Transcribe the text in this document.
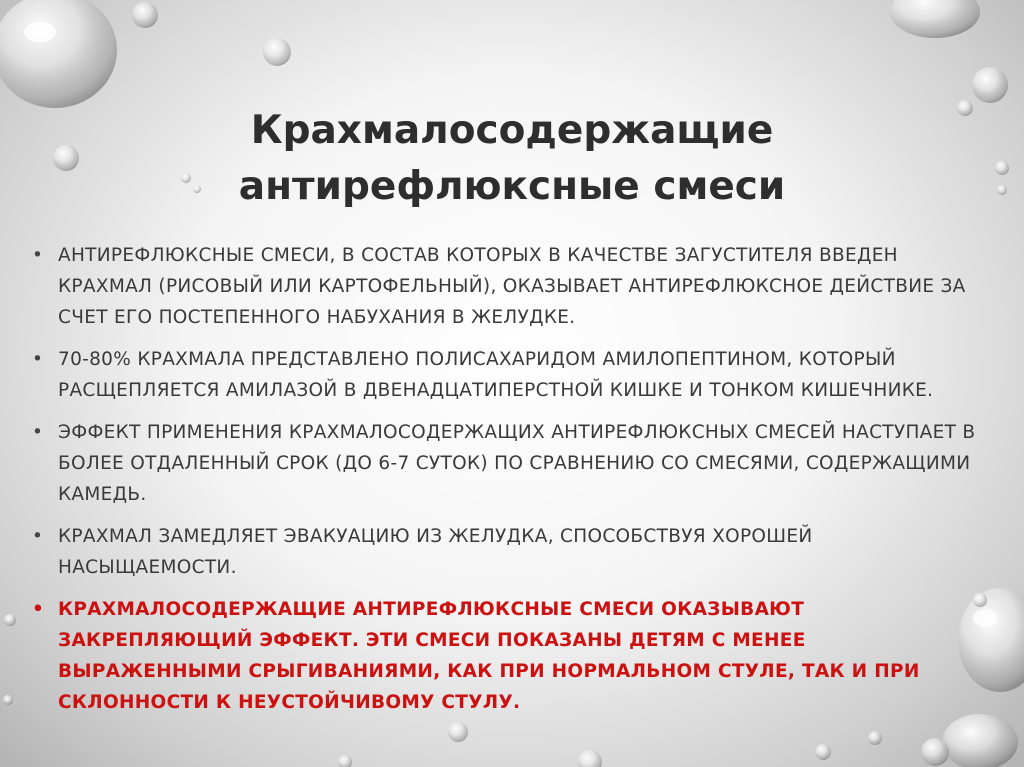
Крахмалосодержащие
антирефлюксные смеси
• АНТИРЕФЛЮКСНЫЕ СМЕСИ, В СОСТАВ КОТОРЫХ В КАЧЕСТВЕ ЗАГУСТИТЕЛЯ ВВЕДЕН КРАХМАЛ (РИСОВЫЙ ИЛИ КАРТОФЕЛЬНЫЙ), ОКАЗЫВАЕТ АНТИРЕФЛЮКСНОЕ ДЕЙСТВИЕ ЗА СЧЕТ ЕГО ПОСТЕПЕННОГО НАБУХАНИЯ В ЖЕЛУДКЕ.
• 70-80% КРАХМАЛА ПРЕДСТАВЛЕНО ПОЛИСАХАРИДОМ АМИЛОПЕПТИНОМ, КОТОРЫЙ РАСЩЕПЛЯЕТСЯ АМИЛАЗОЙ В ДВЕНАДЦАТИПЕРСТНОЙ КИШКЕ И ТОНКОМ КИШЕЧНИКЕ.
• ЭФФЕКТ ПРИМЕНЕНИЯ КРАХМАЛОСОДЕРЖАЩИХ АНТИРЕФЛЮКСНЫХ СМЕСЕЙ НАСТУПАЕТ В БОЛЕЕ ОТДАЛЕННЫЙ СРОК (ДО 6-7 СУТОК) ПО СРАВНЕНИЮ СО СМЕСЯМИ, СОДЕРЖАЩИМИ КАМЕДЬ.
• КРАХМАЛ ЗАМЕДЛЯЕТ ЭВАКУАЦИЮ ИЗ ЖЕЛУДКА, СПОСОБСТВУЯ ХОРОШЕЙ НАСЫЩАЕМОСТИ.
• КРАХМАЛОСОДЕРЖАЩИЕ АНТИРЕФЛЮКСНЫЕ СМЕСИ ОКАЗЫВАЮТ ЗАКРЕПЛЯЮЩИЙ ЭФФЕКТ. ЭТИ СМЕСИ ПОКАЗАНЫ ДЕТЯМ С МЕНЕЕ ВЫРАЖЕННЫМИ СРЫГИВАНИЯМИ, КАК ПРИ НОРМАЛЬНОМ СТУЛЕ, ТАК И ПРИ СКЛОННОСТИ К НЕУСТОЙЧИВОМУ СТУЛУ.
